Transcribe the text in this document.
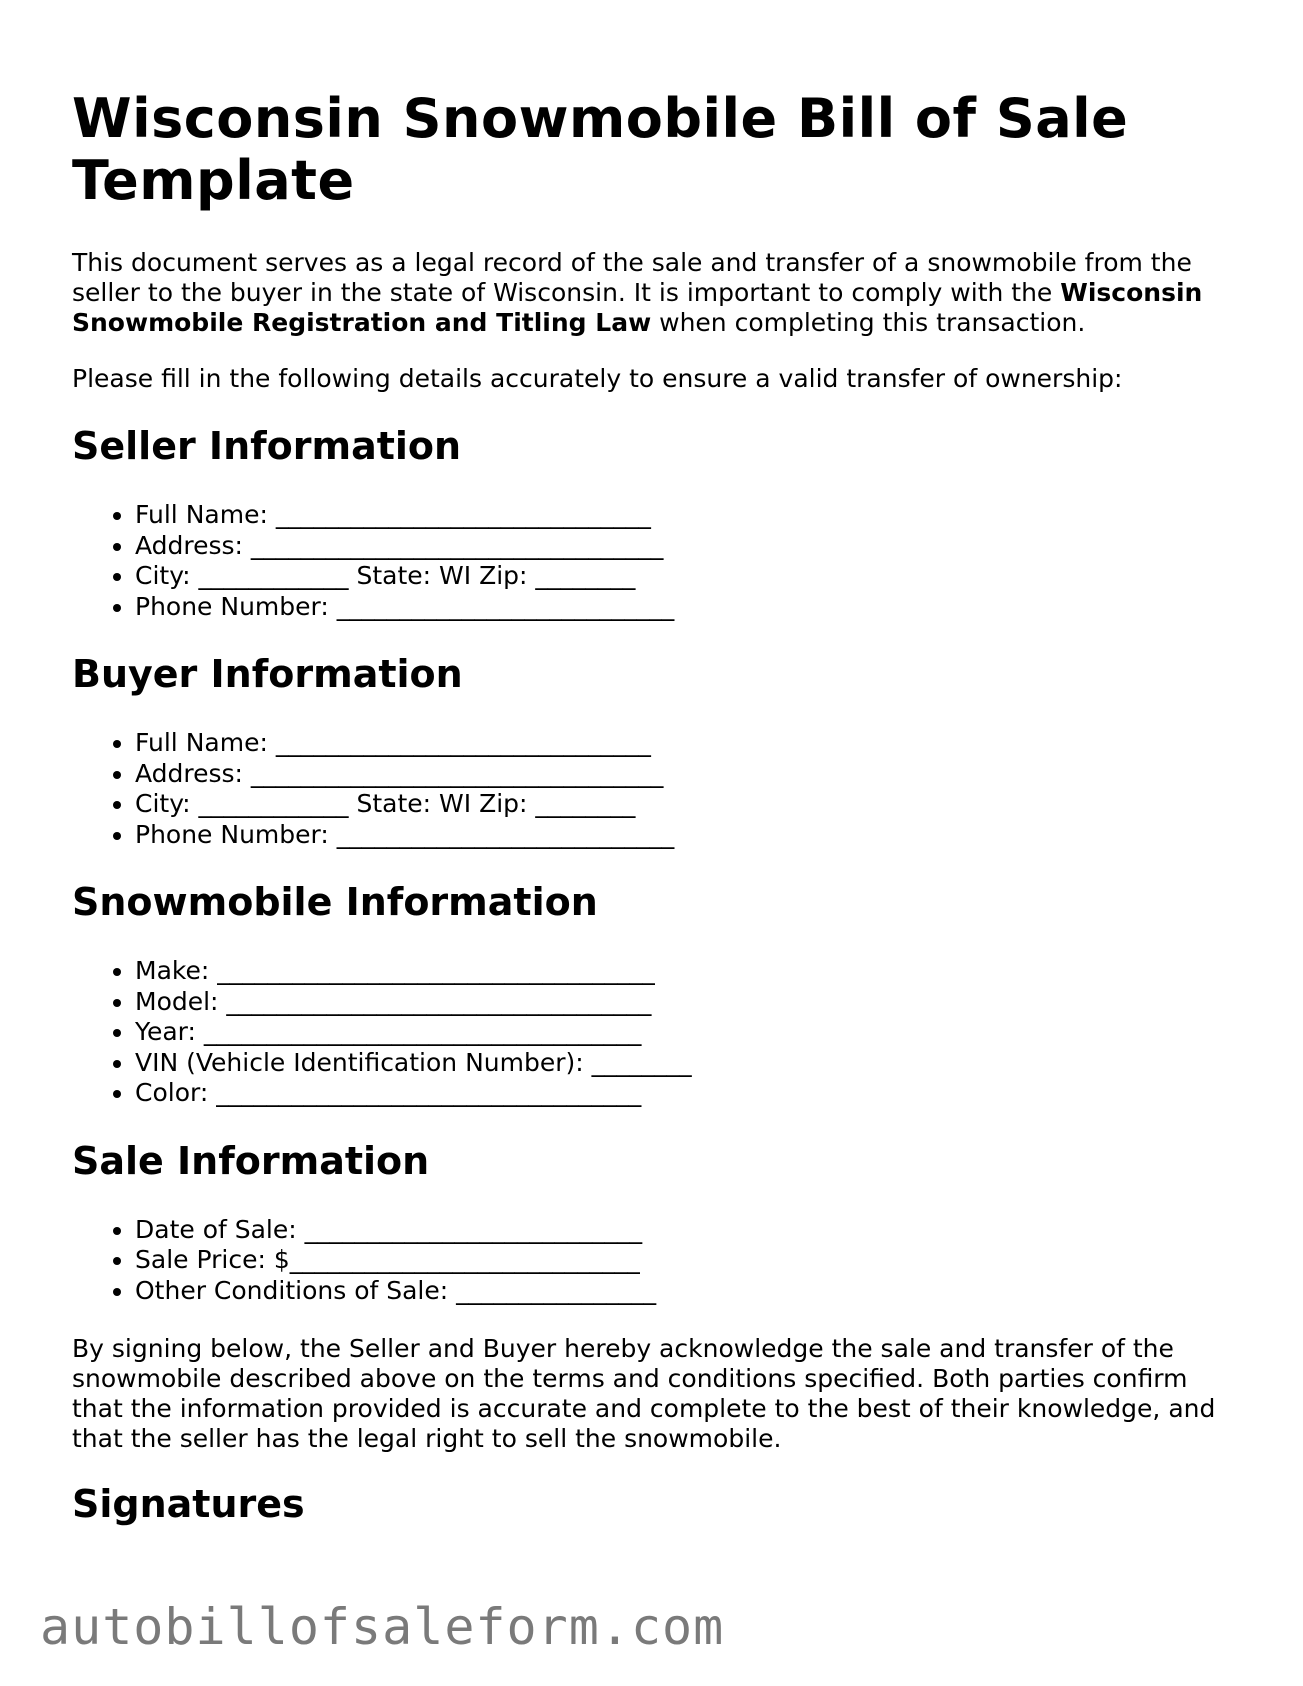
Wisconsin Snowmobile Bill of Sale Template

This document serves as a legal record of the sale and transfer of a snowmobile from the seller to the buyer in the state of Wisconsin. It is important to comply with the Wisconsin Snowmobile Registration and Titling Law when completing this transaction.

Please fill in the following details accurately to ensure a valid transfer of ownership:

Seller Information
• Full Name: ______________________________
• Address: _________________________________
• City: ____________ State: WI Zip: ________
• Phone Number: ___________________________
Buyer Information
• Full Name: ______________________________
• Address: _________________________________
• City: ____________ State: WI Zip: ________
• Phone Number: ___________________________
Snowmobile Information
• Make: ___________________________________
• Model: __________________________________
• Year: ___________________________________
• VIN (Vehicle Identification Number): ________
• Color: __________________________________
Sale Information
• Date of Sale: ___________________________
• Sale Price: $____________________________
• Other Conditions of Sale: ________________

By signing below, the Seller and Buyer hereby acknowledge the sale and transfer of the snowmobile described above on the terms and conditions specified. Both parties confirm that the information provided is accurate and complete to the best of their knowledge, and that the seller has the legal right to sell the snowmobile.

Signatures
autobillofsaleform.com
